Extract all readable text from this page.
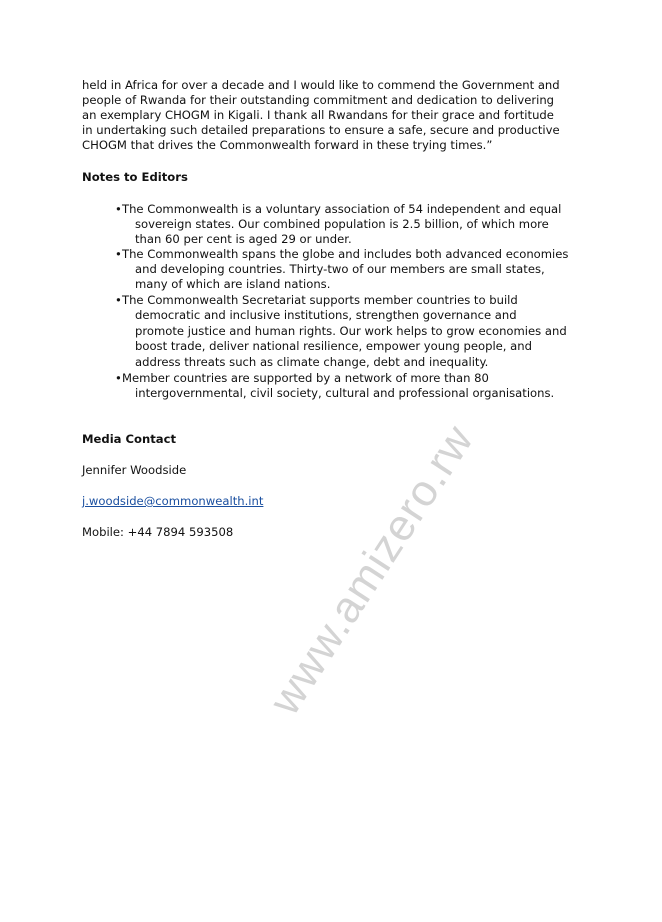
www.amizero.rw
held in Africa for over a decade and I would like to commend the Government and
people of Rwanda for their outstanding commitment and dedication to delivering
an exemplary CHOGM in Kigali. I thank all Rwandans for their grace and fortitude
in undertaking such detailed preparations to ensure a safe, secure and productive
CHOGM that drives the Commonwealth forward in these trying times.”
Notes to Editors
• The Commonwealth is a voluntary association of 54 independent and equal
sovereign states. Our combined population is 2.5 billion, of which more
than 60 per cent is aged 29 or under.
• The Commonwealth spans the globe and includes both advanced economies
and developing countries. Thirty-two of our members are small states,
many of which are island nations.
• The Commonwealth Secretariat supports member countries to build
democratic and inclusive institutions, strengthen governance and
promote justice and human rights. Our work helps to grow economies and
boost trade, deliver national resilience, empower young people, and
address threats such as climate change, debt and inequality.
• Member countries are supported by a network of more than 80
intergovernmental, civil society, cultural and professional organisations.
Media Contact
Jennifer Woodside
j.woodside@commonwealth.int
Mobile: +44 7894 593508
